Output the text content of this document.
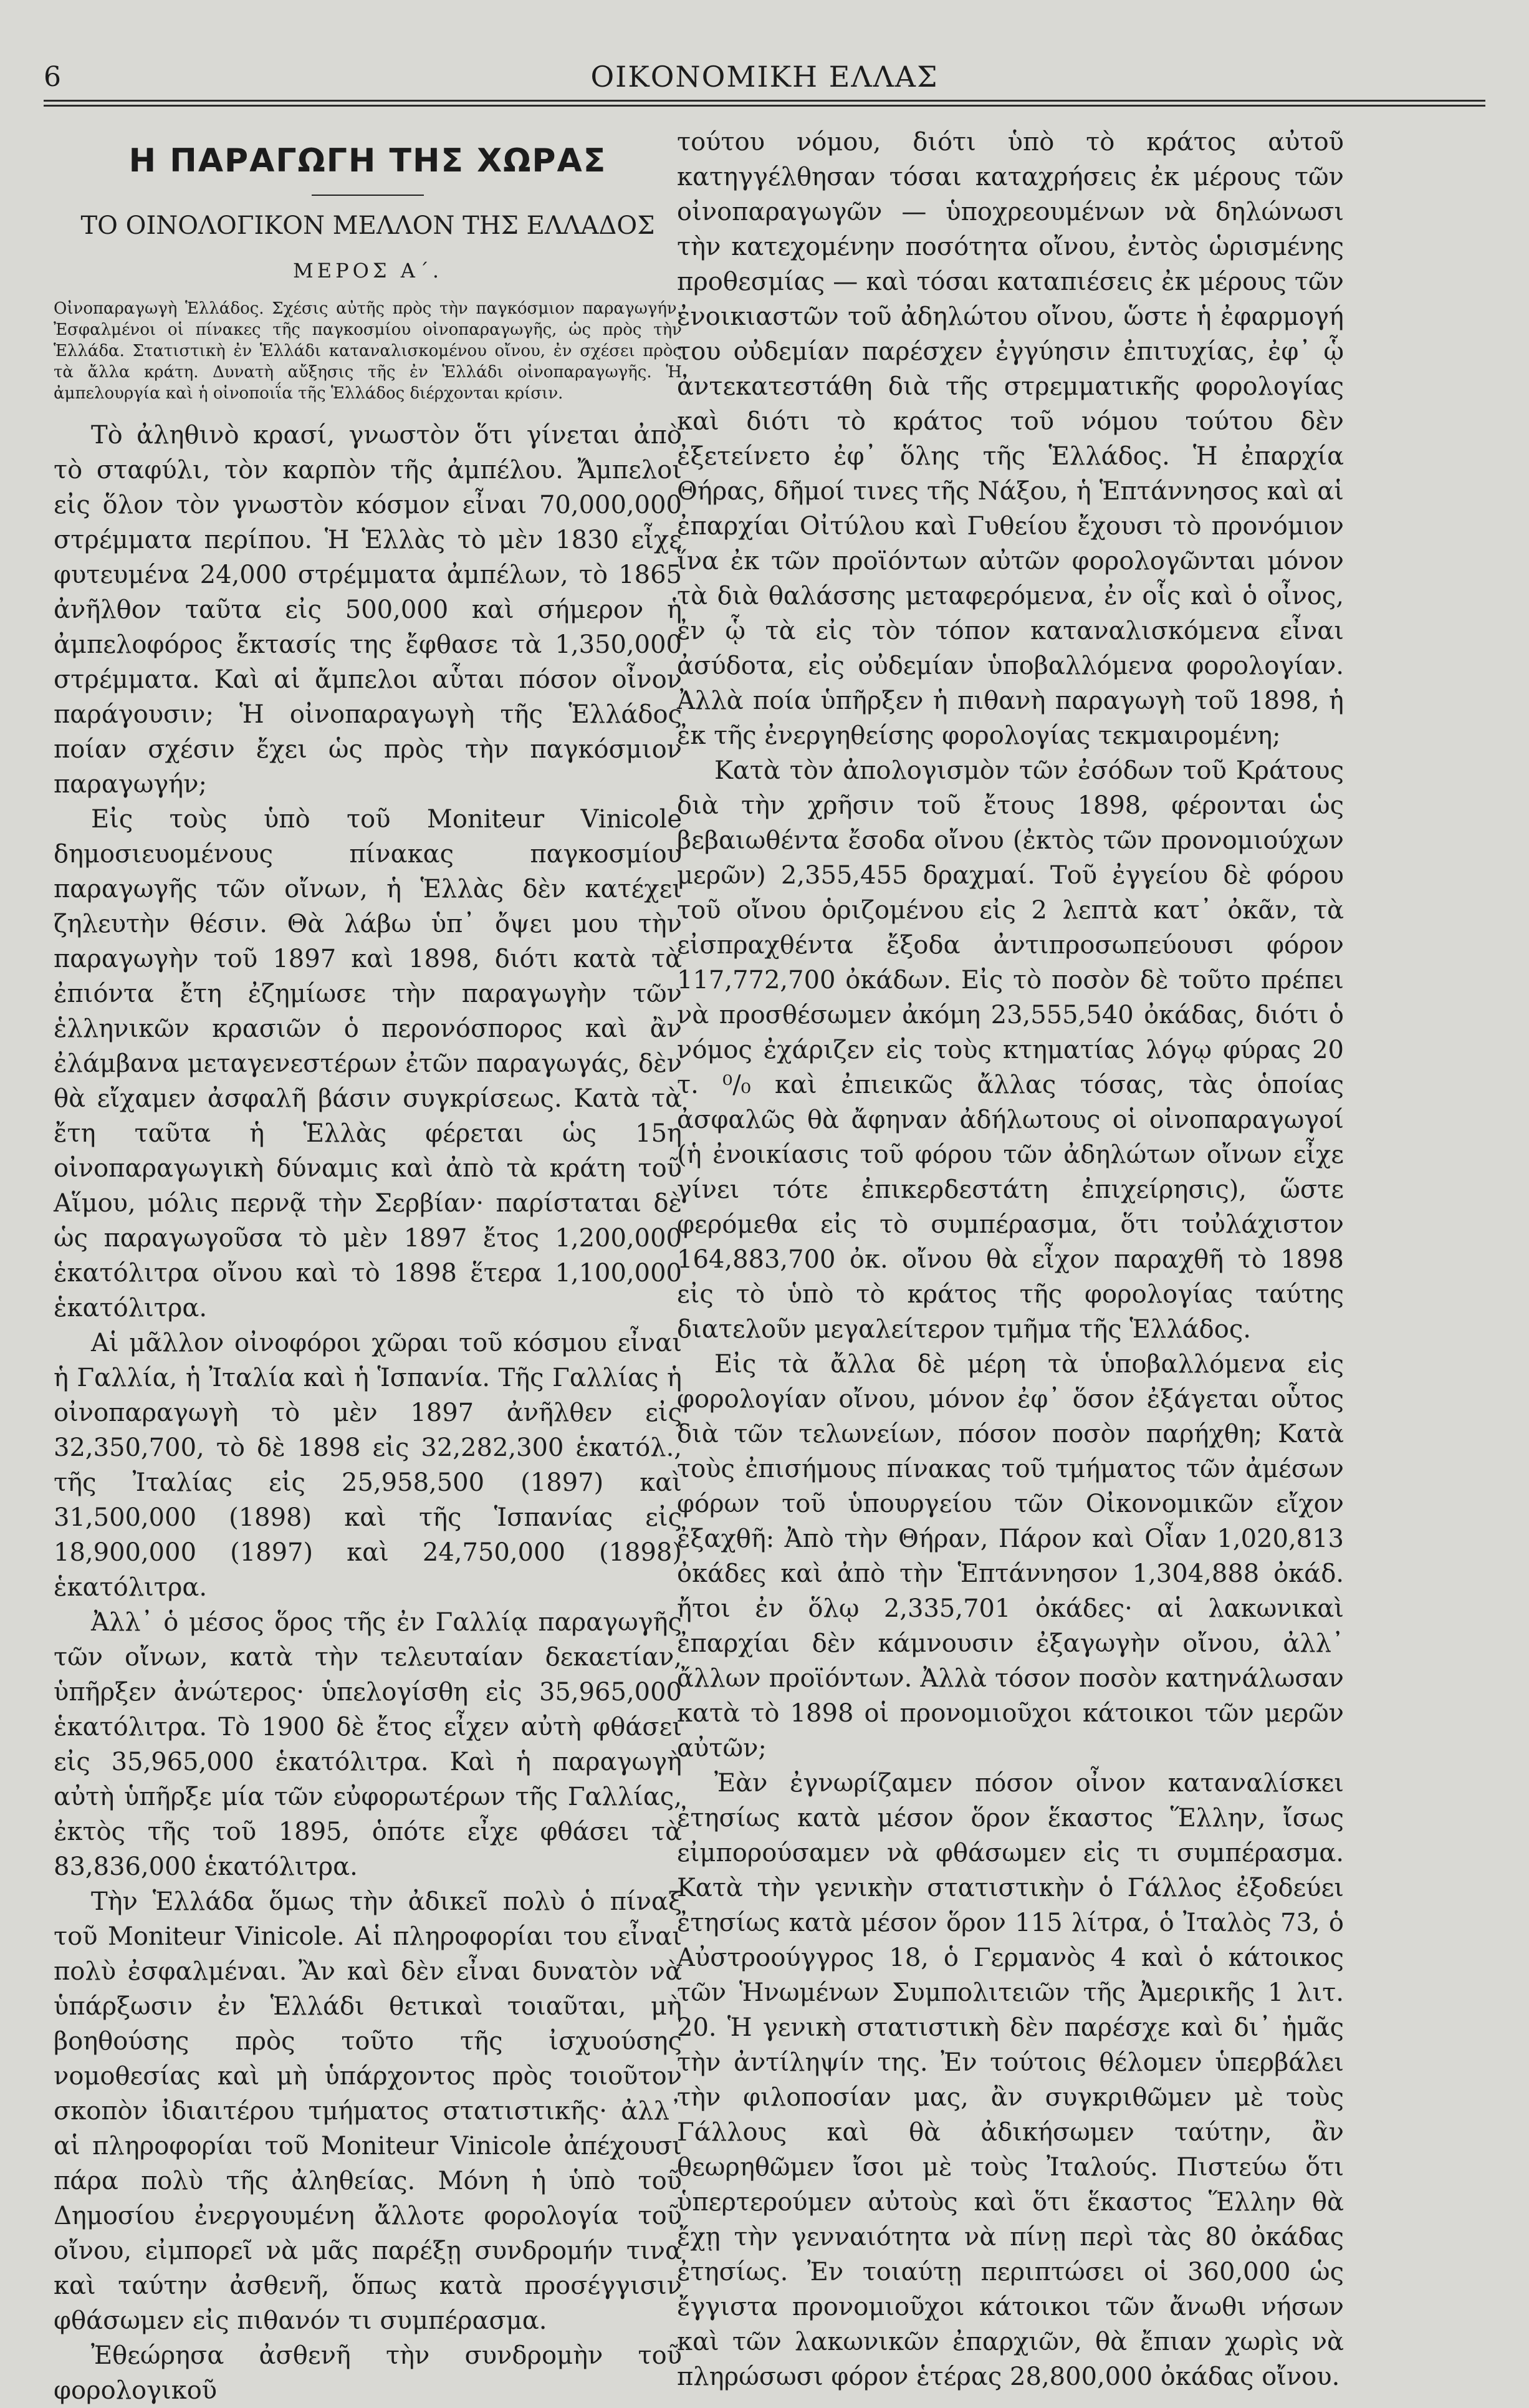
6	ΟΙΚΟΝΟΜΙΚΗ ΕΛΛΑΣ
Η ΠΑΡΑΓΩΓΗ ΤΗΣ ΧΩΡΑΣ
ΤΟ ΟΙΝΟΛΟΓΙΚΟΝ ΜΕΛΛΟΝ ΤΗΣ ΕΛΛΑΔΟΣ
ΜΕΡΟΣ Α΄.
Οἰνοπαραγωγὴ Ἑλλάδος. Σχέσις αὐτῆς πρὸς τὴν παγκόσμιον παραγωγήν. Ἐσφαλμένοι οἱ πίνακες τῆς παγκοσμίου οἰνοπαραγωγῆς, ὡς πρὸς τὴν Ἑλλάδα. Στατιστικὴ ἐν Ἑλλάδι καταναλισκομένου οἴνου, ἐν σχέσει πρὸς τὰ ἄλλα κράτη. Δυνατὴ αὔξησις τῆς ἐν Ἑλλάδι οἰνοπαραγωγῆς. Ἡ ἀμπελουργία καὶ ἡ οἰνοποιΐα τῆς Ἑλλάδος διέρχονται κρίσιν.

Τὸ ἀληθινὸ κρασί, γνωστὸν ὅτι γίνεται ἀπὸ τὸ σταφύλι, τὸν καρπὸν τῆς ἀμπέλου. Ἄμπελοι εἰς ὅλον τὸν γνωστὸν κόσμον εἶναι 70,000,000 στρέμματα περίπου. Ἡ Ἑλλὰς τὸ μὲν 1830 εἶχε φυτευμένα 24,000 στρέμματα ἀμπέλων, τὸ 1865 ἀνῆλθον ταῦτα εἰς 500,000 καὶ σήμερον ἡ ἀμπελοφόρος ἔκτασίς της ἔφθασε τὰ 1,350,000 στρέμματα. Καὶ αἱ ἄμπελοι αὗται πόσον οἶνον παράγουσιν; Ἡ οἰνοπαραγωγὴ τῆς Ἑλλάδος ποίαν σχέσιν ἔχει ὡς πρὸς τὴν παγκόσμιον παραγωγήν;

Εἰς τοὺς ὑπὸ τοῦ Moniteur Vinicole δημοσιευομένους πίνακας παγκοσμίου παραγωγῆς τῶν οἴνων, ἡ Ἑλλὰς δὲν κατέχει ζηλευτὴν θέσιν. Θὰ λάβω ὑπ᾿ ὄψει μου τὴν παραγωγὴν τοῦ 1897 καὶ 1898, διότι κατὰ τὰ ἐπιόντα ἔτη ἐζημίωσε τὴν παραγωγὴν τῶν ἑλληνικῶν κρασιῶν ὁ περονόσπορος καὶ ἂν ἐλάμβανα μεταγενεστέρων ἐτῶν παραγωγάς, δὲν θὰ εἴχαμεν ἀσφαλῆ βάσιν συγκρίσεως. Κατὰ τὰ ἔτη ταῦτα ἡ Ἑλλὰς φέρεται ὡς 15η οἰνοπαραγωγικὴ δύναμις καὶ ἀπὸ τὰ κράτη τοῦ Αἵμου, μόλις περνᾷ τὴν Σερβίαν· παρίσταται δὲ ὡς παραγωγοῦσα τὸ μὲν 1897 ἔτος 1,200,000 ἑκατόλιτρα οἴνου καὶ τὸ 1898 ἕτερα 1,100,000 ἑκατόλιτρα.

Αἱ μᾶλλον οἰνοφόροι χῶραι τοῦ κόσμου εἶναι ἡ Γαλλία, ἡ Ἰταλία καὶ ἡ Ἱσπανία. Τῆς Γαλλίας ἡ οἰνοπαραγωγὴ τὸ μὲν 1897 ἀνῆλθεν εἰς 32,350,700, τὸ δὲ 1898 εἰς 32,282,300 ἑκατόλ., τῆς Ἰταλίας εἰς 25,958,500 (1897) καὶ 31,500,000 (1898) καὶ τῆς Ἱσπανίας εἰς 18,900,000 (1897) καὶ 24,750,000 (1898) ἑκατόλιτρα.

Ἀλλ᾿ ὁ μέσος ὅρος τῆς ἐν Γαλλίᾳ παραγωγῆς τῶν οἴνων, κατὰ τὴν τελευταίαν δεκαετίαν, ὑπῆρξεν ἀνώτερος· ὑπελογίσθη εἰς 35,965,000 ἑκατόλιτρα. Τὸ 1900 δὲ ἔτος εἶχεν αὐτὴ φθάσει εἰς 35,965,000 ἑκατόλιτρα. Καὶ ἡ παραγωγὴ αὐτὴ ὑπῆρξε μία τῶν εὐφορωτέρων τῆς Γαλλίας, ἐκτὸς τῆς τοῦ 1895, ὁπότε εἶχε φθάσει τὰ 83,836,000 ἑκατόλιτρα.

Τὴν Ἑλλάδα ὅμως τὴν ἀδικεῖ πολὺ ὁ πίναξ τοῦ Moniteur Vinicole. Αἱ πληροφορίαι του εἶναι πολὺ ἐσφαλμέναι. Ἂν καὶ δὲν εἶναι δυνατὸν νὰ ὑπάρξωσιν ἐν Ἑλλάδι θετικαὶ τοιαῦται, μὴ βοηθούσης πρὸς τοῦτο τῆς ἰσχυούσης νομοθεσίας καὶ μὴ ὑπάρχοντος πρὸς τοιοῦτον σκοπὸν ἰδιαιτέρου τμήματος στατιστικῆς· ἀλλ᾿ αἱ πληροφορίαι τοῦ Moniteur Vinicole ἀπέχουσι πάρα πολὺ τῆς ἀληθείας. Μόνη ἡ ὑπὸ τοῦ Δημοσίου ἐνεργουμένη ἄλλοτε φορολογία τοῦ οἴνου, εἰμπορεῖ νὰ μᾶς παρέξῃ συνδρομήν τινα καὶ ταύτην ἀσθενῆ, ὅπως κατὰ προσέγγισιν φθάσωμεν εἰς πιθανόν τι συμπέρασμα.

Ἐθεώρησα ἀσθενῆ τὴν συνδρομὴν τοῦ φορολογικοῦ

τούτου νόμου, διότι ὑπὸ τὸ κράτος αὐτοῦ κατηγγέλθησαν τόσαι καταχρήσεις ἐκ μέρους τῶν οἰνοπαραγωγῶν — ὑποχρεουμένων νὰ δηλώνωσι τὴν κατεχομένην ποσότητα οἴνου, ἐντὸς ὡρισμένης προθεσμίας — καὶ τόσαι καταπιέσεις ἐκ μέρους τῶν ἐνοικιαστῶν τοῦ ἀδηλώτου οἴνου, ὥστε ἡ ἐφαρμογή του οὐδεμίαν παρέσχεν ἐγγύησιν ἐπιτυχίας, ἐφ᾿ ᾧ ἀντεκατεστάθη διὰ τῆς στρεμματικῆς φορολογίας καὶ διότι τὸ κράτος τοῦ νόμου τούτου δὲν ἐξετείνετο ἐφ᾿ ὅλης τῆς Ἑλλάδος. Ἡ ἐπαρχία Θήρας, δῆμοί τινες τῆς Νάξου, ἡ Ἑπτάννησος καὶ αἱ ἐπαρχίαι Οἰτύλου καὶ Γυθείου ἔχουσι τὸ προνόμιον ἵνα ἐκ τῶν προϊόντων αὐτῶν φορολογῶνται μόνον τὰ διὰ θαλάσσης μεταφερόμενα, ἐν οἷς καὶ ὁ οἶνος, ἐν ᾧ τὰ εἰς τὸν τόπον καταναλισκόμενα εἶναι ἀσύδοτα, εἰς οὐδεμίαν ὑποβαλλόμενα φορολογίαν. Ἀλλὰ ποία ὑπῆρξεν ἡ πιθανὴ παραγωγὴ τοῦ 1898, ἡ ἐκ τῆς ἐνεργηθείσης φορολογίας τεκμαιρομένη;

Κατὰ τὸν ἀπολογισμὸν τῶν ἐσόδων τοῦ Κράτους διὰ τὴν χρῆσιν τοῦ ἔτους 1898, φέρονται ὡς βεβαιωθέντα ἔσοδα οἴνου (ἐκτὸς τῶν προνομιούχων μερῶν) 2,355,455 δραχμαί. Τοῦ ἐγγείου δὲ φόρου τοῦ οἴνου ὁριζομένου εἰς 2 λεπτὰ κατ᾿ ὀκᾶν, τὰ εἰσπραχθέντα ἔξοδα ἀντιπροσωπεύουσι φόρον 117,772,700 ὀκάδων. Εἰς τὸ ποσὸν δὲ τοῦτο πρέπει νὰ προσθέσωμεν ἀκόμη 23,555,540 ὀκάδας, διότι ὁ νόμος ἐχάριζεν εἰς τοὺς κτηματίας λόγῳ φύρας 20 τ. ⁰/₀ καὶ ἐπιεικῶς ἄλλας τόσας, τὰς ὁποίας ἀσφαλῶς θὰ ἄφηναν ἀδήλωτους οἱ οἰνοπαραγωγοί (ἡ ἐνοικίασις τοῦ φόρου τῶν ἀδηλώτων οἴνων εἶχε γίνει τότε ἐπικερδεστάτη ἐπιχείρησις), ὥστε φερόμεθα εἰς τὸ συμπέρασμα, ὅτι τοὐλάχιστον 164,883,700 ὀκ. οἴνου θὰ εἶχον παραχθῆ τὸ 1898 εἰς τὸ ὑπὸ τὸ κράτος τῆς φορολογίας ταύτης διατελοῦν μεγαλείτερον τμῆμα τῆς Ἑλλάδος.

Εἰς τὰ ἄλλα δὲ μέρη τὰ ὑποβαλλόμενα εἰς φορολογίαν οἴνου, μόνον ἐφ᾿ ὅσον ἐξάγεται οὗτος διὰ τῶν τελωνείων, πόσον ποσὸν παρήχθη; Κατὰ τοὺς ἐπισήμους πίνακας τοῦ τμήματος τῶν ἀμέσων φόρων τοῦ ὑπουργείου τῶν Οἰκονομικῶν εἴχον ἐξαχθῆ: Ἀπὸ τὴν Θήραν, Πάρον καὶ Οἶαν 1,020,813 ὀκάδες καὶ ἀπὸ τὴν Ἑπτάννησον 1,304,888 ὀκάδ. ἤτοι ἐν ὅλῳ 2,335,701 ὀκάδες· αἱ λακωνικαὶ ἐπαρχίαι δὲν κάμνουσιν ἐξαγωγὴν οἴνου, ἀλλ᾿ ἄλλων προϊόντων. Ἀλλὰ τόσον ποσὸν κατηνάλωσαν κατὰ τὸ 1898 οἱ προνομιοῦχοι κάτοικοι τῶν μερῶν αὐτῶν;

Ἐὰν ἐγνωρίζαμεν πόσον οἶνον καταναλίσκει ἐτησίως κατὰ μέσον ὅρον ἕκαστος Ἕλλην, ἴσως εἰμπορούσαμεν νὰ φθάσωμεν εἰς τι συμπέρασμα. Κατὰ τὴν γενικὴν στατιστικὴν ὁ Γάλλος ἐξοδεύει ἐτησίως κατὰ μέσον ὅρον 115 λίτρα, ὁ Ἰταλὸς 73, ὁ Αὐστροούγγρος 18, ὁ Γερμανὸς 4 καὶ ὁ κάτοικος τῶν Ἡνωμένων Συμπολιτειῶν τῆς Ἀμερικῆς 1 λιτ. 20. Ἡ γενικὴ στατιστικὴ δὲν παρέσχε καὶ δι᾿ ἡμᾶς τὴν ἀντίληψίν της. Ἐν τούτοις θέλομεν ὑπερβάλει τὴν φιλοποσίαν μας, ἂν συγκριθῶμεν μὲ τοὺς Γάλλους καὶ θὰ ἀδικήσωμεν ταύτην, ἂν θεωρηθῶμεν ἴσοι μὲ τοὺς Ἰταλούς. Πιστεύω ὅτι ὑπερτερούμεν αὐτοὺς καὶ ὅτι ἕκαστος Ἕλλην θὰ ἔχῃ τὴν γενναιότητα νὰ πίνῃ περὶ τὰς 80 ὀκάδας ἐτησίως. Ἐν τοιαύτῃ περιπτώσει οἱ 360,000 ὡς ἔγγιστα προνομιοῦχοι κάτοικοι τῶν ἄνωθι νήσων καὶ τῶν λακωνικῶν ἐπαρχιῶν, θὰ ἔπιαν χωρὶς νὰ πληρώσωσι φόρον ἑτέρας 28,800,000 ὀκάδας οἴνου.
